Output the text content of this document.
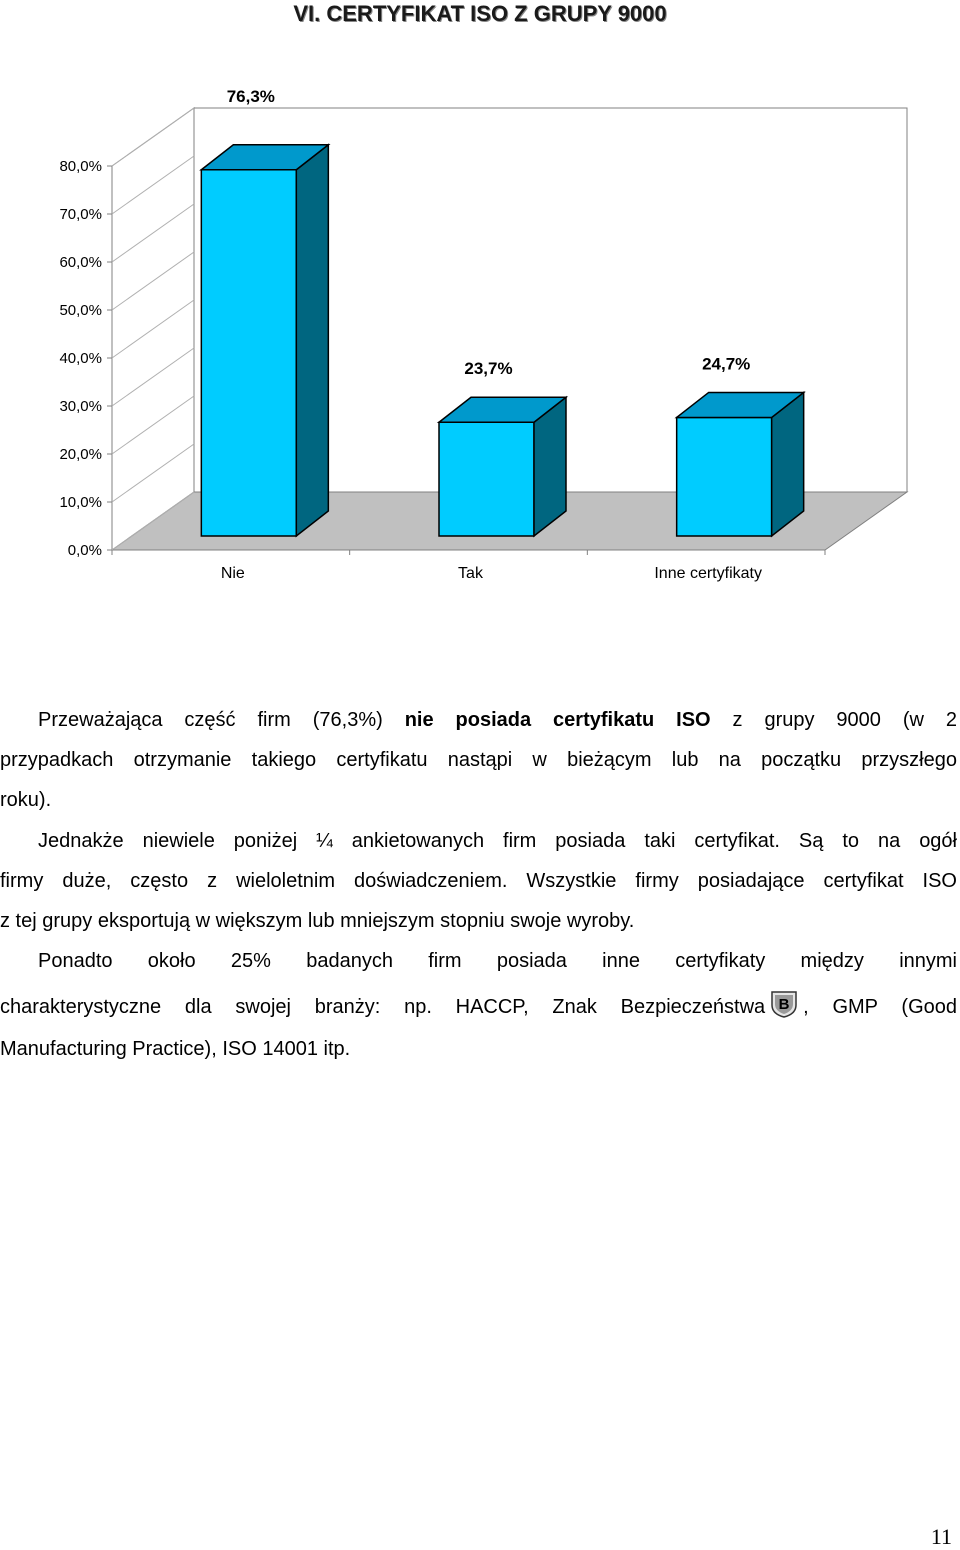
VI. CERTYFIKAT ISO Z GRUPY 9000
0,0%
10,0%
20,0%
30,0%
40,0%
50,0%
60,0%
70,0%
80,0%
76,3%
Nie
23,7%
Tak
24,7%
Inne certyfikaty
Przeważająca część firm (76,3%) nie posiada certyfikatu ISO z grupy 9000 (w 2
przypadkach otrzymanie takiego certyfikatu nastąpi w bieżącym lub na początku przyszłego
roku).
Jednakże niewiele poniżej ¼ ankietowanych firm posiada taki certyfikat. Są to na ogół
firmy duże, często z wieloletnim doświadczeniem. Wszystkie firmy posiadające certyfikat ISO
z tej grupy eksportują w większym lub mniejszym stopniu swoje wyroby.
Ponadto około 25% badanych firm posiada inne certyfikaty między innymi
charakterystyczne dla swojej branży: np. HACCP, Znak Bezpieczeństwa B , GMP (Good
Manufacturing Practice), ISO 14001 itp.
11
